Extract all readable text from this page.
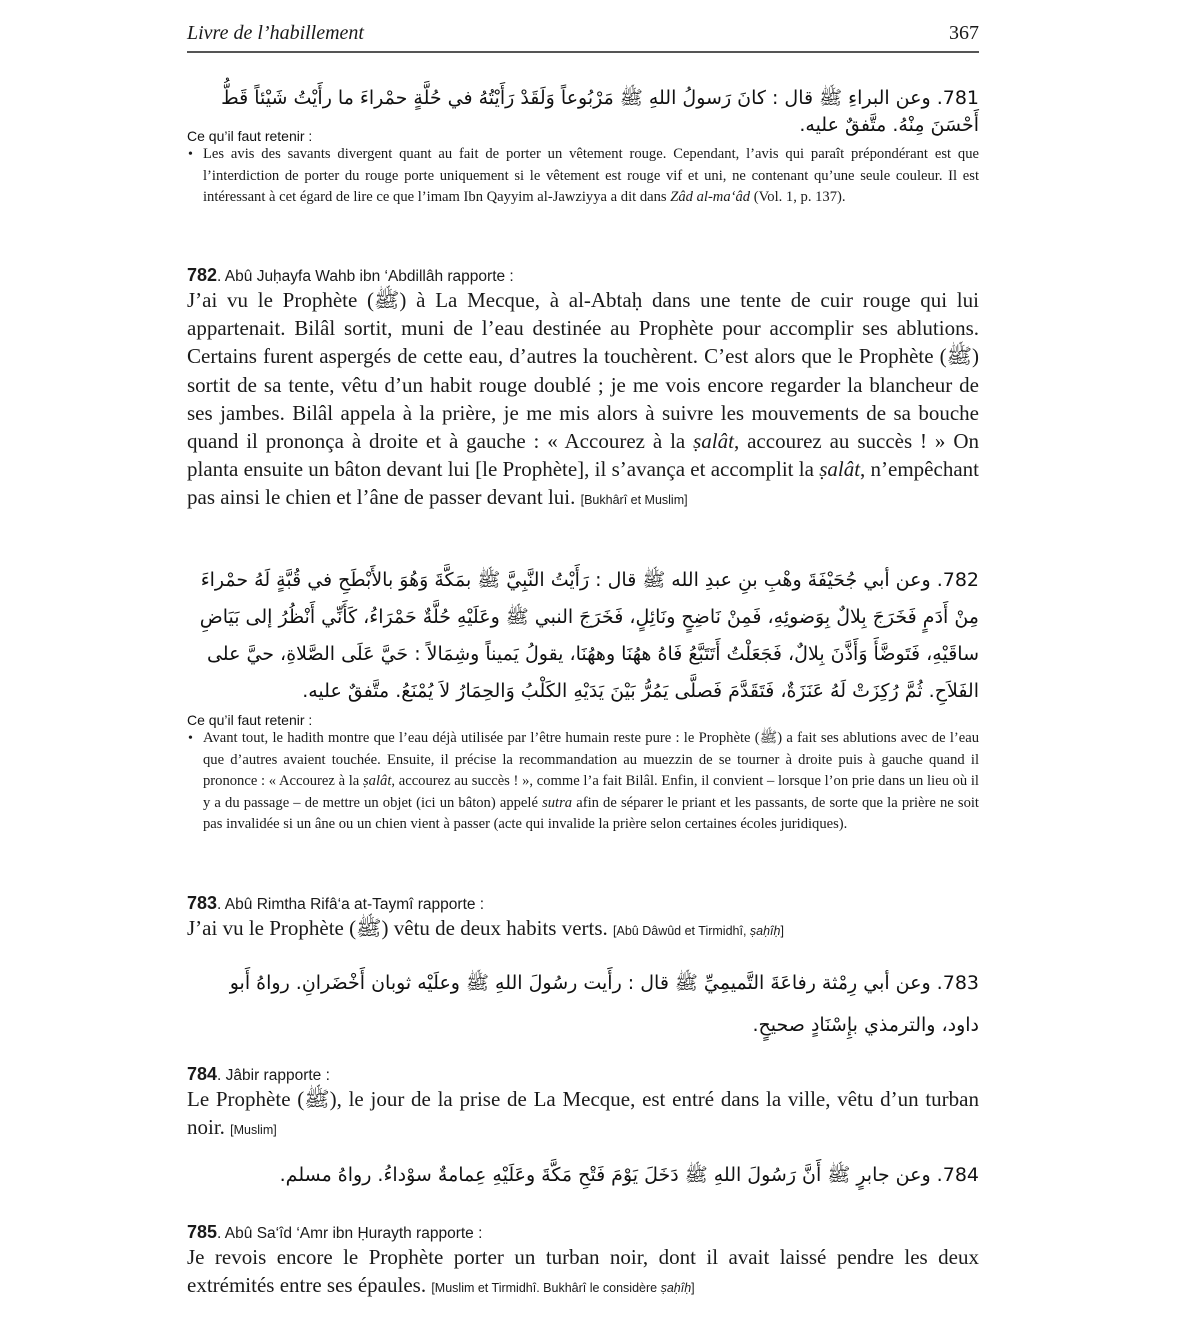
Livre de l’habillement	367
781. وعن البراءِ ﷺ قال : كانَ رَسولُ اللهِ ﷺ مَرْبُوعاً وَلَقَدْ رَأَيْتُهُ في حُلَّةٍ حمْراءَ ما رأَيْتُ شَيْئاً قَطُّ أَحْسَنَ مِنْهُ. متَّفقٌ عليه.

Ce qu’il faut retenir :

• Les avis des savants divergent quant au fait de porter un vêtement rouge. Cependant, l’avis qui paraît prépondérant est que l’interdiction de porter du rouge porte uniquement si le vêtement est rouge vif et uni, ne contenant qu’une seule couleur. Il est intéressant à cet égard de lire ce que l’imam Ibn Qayyim al-Jawziyya a dit dans Zâd al-ma‘âd (Vol. 1, p. 137).

782. Abû Juḥayfa Wahb ibn ‘Abdillâh rapporte :

J’ai vu le Prophète (ﷺ) à La Mecque, à al-Abtaḥ dans une tente de cuir rouge qui lui appartenait. Bilâl sortit, muni de l’eau destinée au Prophète pour accomplir ses ablutions. Certains furent aspergés de cette eau, d’autres la touchèrent. C’est alors que le Prophète (ﷺ) sortit de sa tente, vêtu d’un habit rouge doublé ; je me vois encore regarder la blancheur de ses jambes. Bilâl appela à la prière, je me mis alors à suivre les mouvements de sa bouche quand il prononça à droite et à gauche : « Accourez à la ṣalât, accourez au succès ! » On planta ensuite un bâton devant lui [le Prophète], il s’avança et accomplit la ṣalât, n’empêchant pas ainsi le chien et l’âne de passer devant lui. [Bukhârî et Muslim]

782. وعن أبي جُحَيْفَةَ وهْبِ بنِ عبدِ الله ﷺ قال : رَأَيْتُ النَّبِيَّ ﷺ بمَكَّةَ وَهُوَ بالأَبْطَحِ في قُبَّةٍ لَهُ حمْراءَ مِنْ أَدَمٍ فَخَرَجَ بِلالٌ بِوَضوئِهِ، فَمِنْ نَاضِحٍ ونَائِلٍ، فَخَرَجَ النبي ﷺ وعَلَيْهِ حُلَّةٌ حَمْرَاءُ، كَأَنِّي أَنْظُرُ إلى بَيَاضِ ساقَيْهِ، فَتَوضَّأَ وَأَذَّنَ بِلالٌ، فَجَعَلْتُ أَتَتَبَّعُ فَاهُ ههُنَا وههُنَا، يقولُ يَميناً وشِمَالاً : حَيَّ عَلَى الصَّلاةِ، حيَّ على الفَلاَحِ. ثُمَّ رُكِزَتْ لَهُ عَنَزَةٌ، فَتَقَدَّمَ فَصلَّى يَمُرُّ بَيْنَ يَدَيْهِ الكَلْبُ وَالحِمَارُ لاَ يُمْنَعُ. متَّفقٌ عليه.

Ce qu’il faut retenir :

• Avant tout, le hadith montre que l’eau déjà utilisée par l’être humain reste pure : le Prophète (ﷺ) a fait ses ablutions avec de l’eau que d’autres avaient touchée. Ensuite, il précise la recommandation au muezzin de se tourner à droite puis à gauche quand il prononce : « Accourez à la ṣalât, accourez au succès ! », comme l’a fait Bilâl. Enfin, il convient – lorsque l’on prie dans un lieu où il y a du passage – de mettre un objet (ici un bâton) appelé sutra afin de séparer le priant et les passants, de sorte que la prière ne soit pas invalidée si un âne ou un chien vient à passer (acte qui invalide la prière selon certaines écoles juridiques).

783. Abû Rimtha Rifâ‘a at-Taymî rapporte :

J’ai vu le Prophète (ﷺ) vêtu de deux habits verts. [Abû Dâwûd et Tirmidhî, ṣaḥîḥ]

783. وعن أبي رِمْثة رفاعَةَ التَّميمِيِّ ﷺ قال : رأَيت رسُولَ اللهِ ﷺ وعلَيْه ثوبان أَخْضَرانِ. رواهُ أَبو داود، والترمذي بإِسْنَادٍ صحيحٍ.

784. Jâbir rapporte :

Le Prophète (ﷺ), le jour de la prise de La Mecque, est entré dans la ville, vêtu d’un turban noir. [Muslim]

784. وعن جابرٍ ﷺ أَنَّ رَسُولَ اللهِ ﷺ دَخَلَ يَوْمَ فَتْحِ مَكَّةَ وعَلَيْهِ عِمامةٌ سوْداءُ. رواهُ مسلم.

785. Abû Sa‘îd ‘Amr ibn Ḥurayth rapporte :

Je revois encore le Prophète porter un turban noir, dont il avait laissé pendre les deux extrémités entre ses épaules. [Muslim et Tirmidhî. Bukhârî le considère ṣaḥîḥ]
